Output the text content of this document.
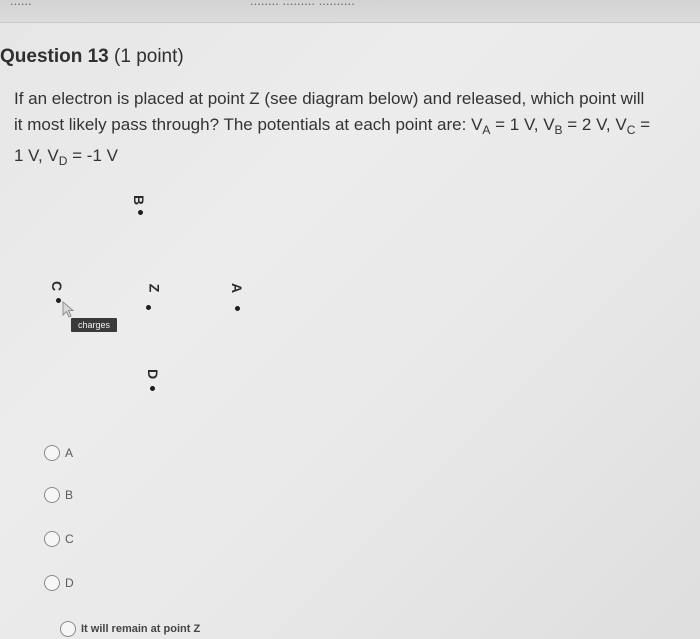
......	........ ......... ..........
Question 13 (1 point)
If an electron is placed at point Z (see diagram below) and released, which point will
it most likely pass through? The potentials at each point are: $V_A = 1$ V, $V_B = 2$ V, $V_C$ =
1 V, $V_D = -1$ V
B
C	Z	A
D
charges
A
B
C
D
It will remain at point Z
